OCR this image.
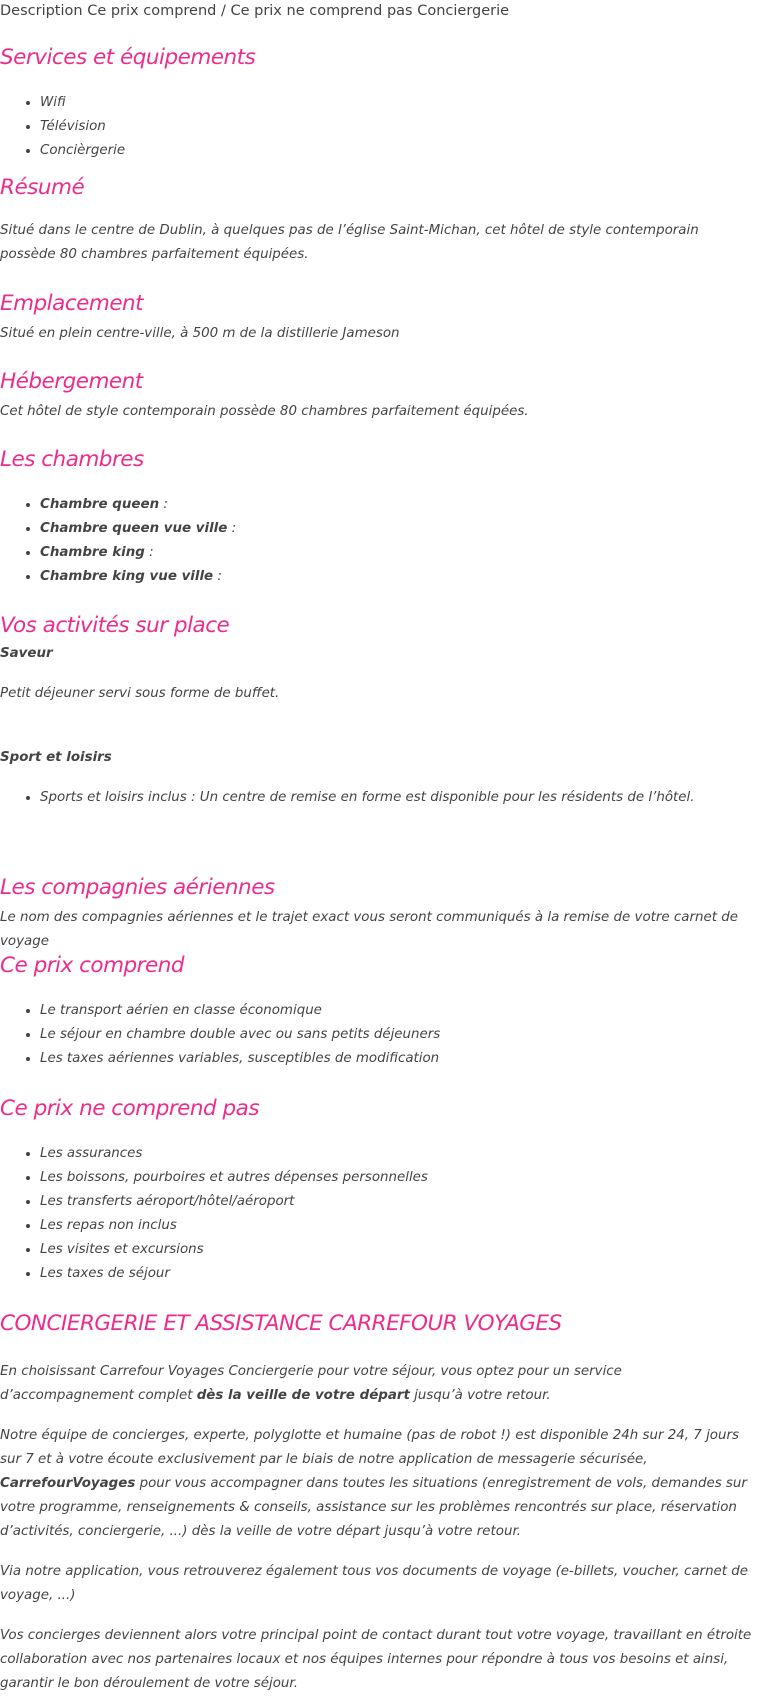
Description Ce prix comprend / Ce prix ne comprend pas Conciergerie

Services et équipements
• Wifi
• Télévision
• Concièrgerie
Résumé

Situé dans le centre de Dublin, à quelques pas de l’église Saint-Michan, cet hôtel de style contemporain possède 80 chambres parfaitement équipées.

Emplacement

Situé en plein centre-ville, à 500 m de la distillerie Jameson

Hébergement

Cet hôtel de style contemporain possède 80 chambres parfaitement équipées.

Les chambres
• Chambre queen :
• Chambre queen vue ville :
• Chambre king :
• Chambre king vue ville :
Vos activités sur place

Saveur

Petit déjeuner servi sous forme de buffet.

Sport et loisirs

• Sports et loisirs inclus : Un centre de remise en forme est disponible pour les résidents de l’hôtel.
Les compagnies aériennes

Le nom des compagnies aériennes et le trajet exact vous seront communiqués à la remise de votre carnet de voyage

Ce prix comprend
• Le transport aérien en classe économique
• Le séjour en chambre double avec ou sans petits déjeuners
• Les taxes aériennes variables, susceptibles de modification
Ce prix ne comprend pas
• Les assurances
• Les boissons, pourboires et autres dépenses personnelles
• Les transferts aéroport/hôtel/aéroport
• Les repas non inclus
• Les visites et excursions
• Les taxes de séjour
CONCIERGERIE ET ASSISTANCE CARREFOUR VOYAGES

En choisissant Carrefour Voyages Conciergerie pour votre séjour, vous optez pour un service d’accompagnement complet dès la veille de votre départ jusqu’à votre retour.

Notre équipe de concierges, experte, polyglotte et humaine (pas de robot !) est disponible 24h sur 24, 7 jours sur 7 et à votre écoute exclusivement par le biais de notre application de messagerie sécurisée, CarrefourVoyages pour vous accompagner dans toutes les situations (enregistrement de vols, demandes sur votre programme, renseignements & conseils, assistance sur les problèmes rencontrés sur place, réservation d’activités, conciergerie, ...) dès la veille de votre départ jusqu’à votre retour.

Via notre application, vous retrouverez également tous vos documents de voyage (e-billets, voucher, carnet de voyage, ...)

Vos concierges deviennent alors votre principal point de contact durant tout votre voyage, travaillant en étroite collaboration avec nos partenaires locaux et nos équipes internes pour répondre à tous vos besoins et ainsi, garantir le bon déroulement de votre séjour.
